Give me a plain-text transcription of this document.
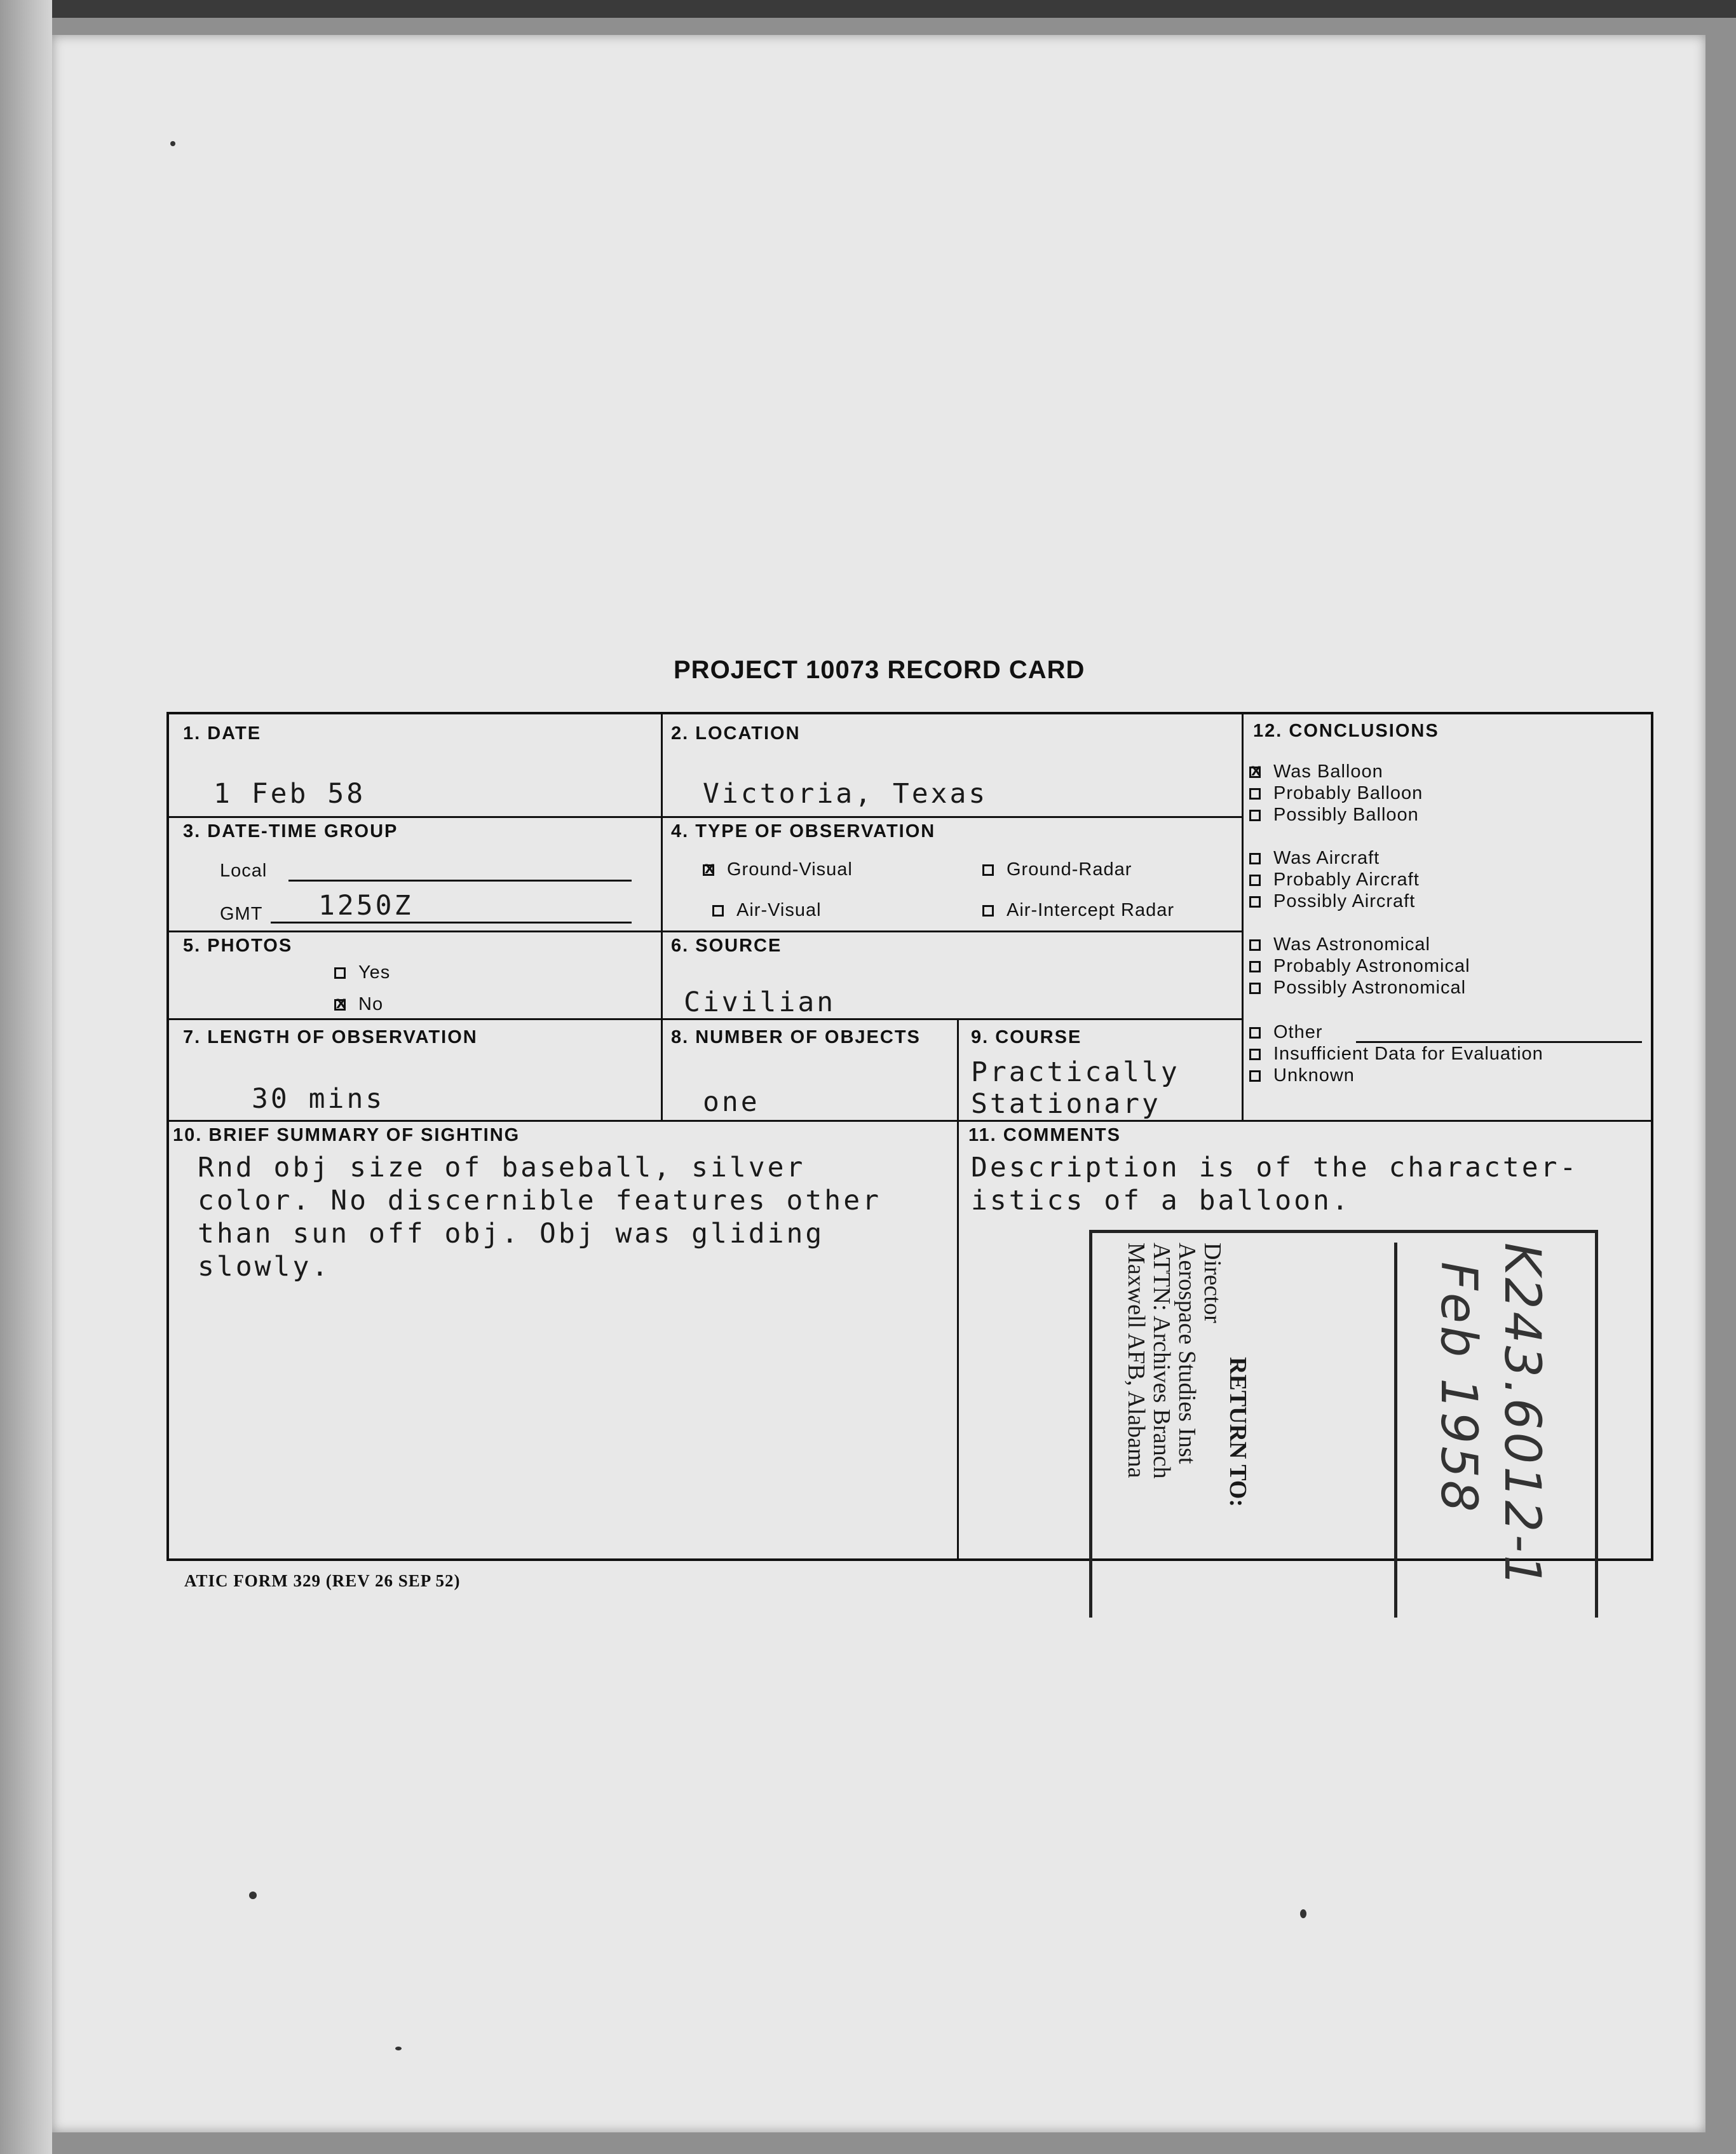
PROJECT 10073 RECORD CARD
1. DATE
1 Feb 58
2. LOCATION
Victoria, Texas
3. DATE-TIME GROUP
Local
GMT 1250Z
4. TYPE OF OBSERVATION
xGround-Visual	Ground-Radar
Air-Visual	Air-Intercept Radar
5. PHOTOS
Yes
xNo
6. SOURCE
Civilian
7. LENGTH OF OBSERVATION
30 mins
8. NUMBER OF OBJECTS
one
9. COURSE
Practically
Stationary
10. BRIEF SUMMARY OF SIGHTING
Rnd obj size of baseball, silver
color. No discernible features other
than sun off obj. Obj was gliding
slowly.
11. COMMENTS
Description is of the character-
istics of a balloon.
12. CONCLUSIONS
xWas Balloon
Probably Balloon
Possibly Balloon
Was Aircraft
Probably Aircraft
Possibly Aircraft
Was Astronomical
Probably Astronomical
Possibly Astronomical
Other
Insufficient Data for Evaluation
Unknown
ATIC FORM 329 (REV 26 SEP 52)
RETURN TO:
Director
Aerospace Studies Inst
ATTN: Archives Branch
Maxwell AFB, Alabama	K243.6012-1
Feb 1958
